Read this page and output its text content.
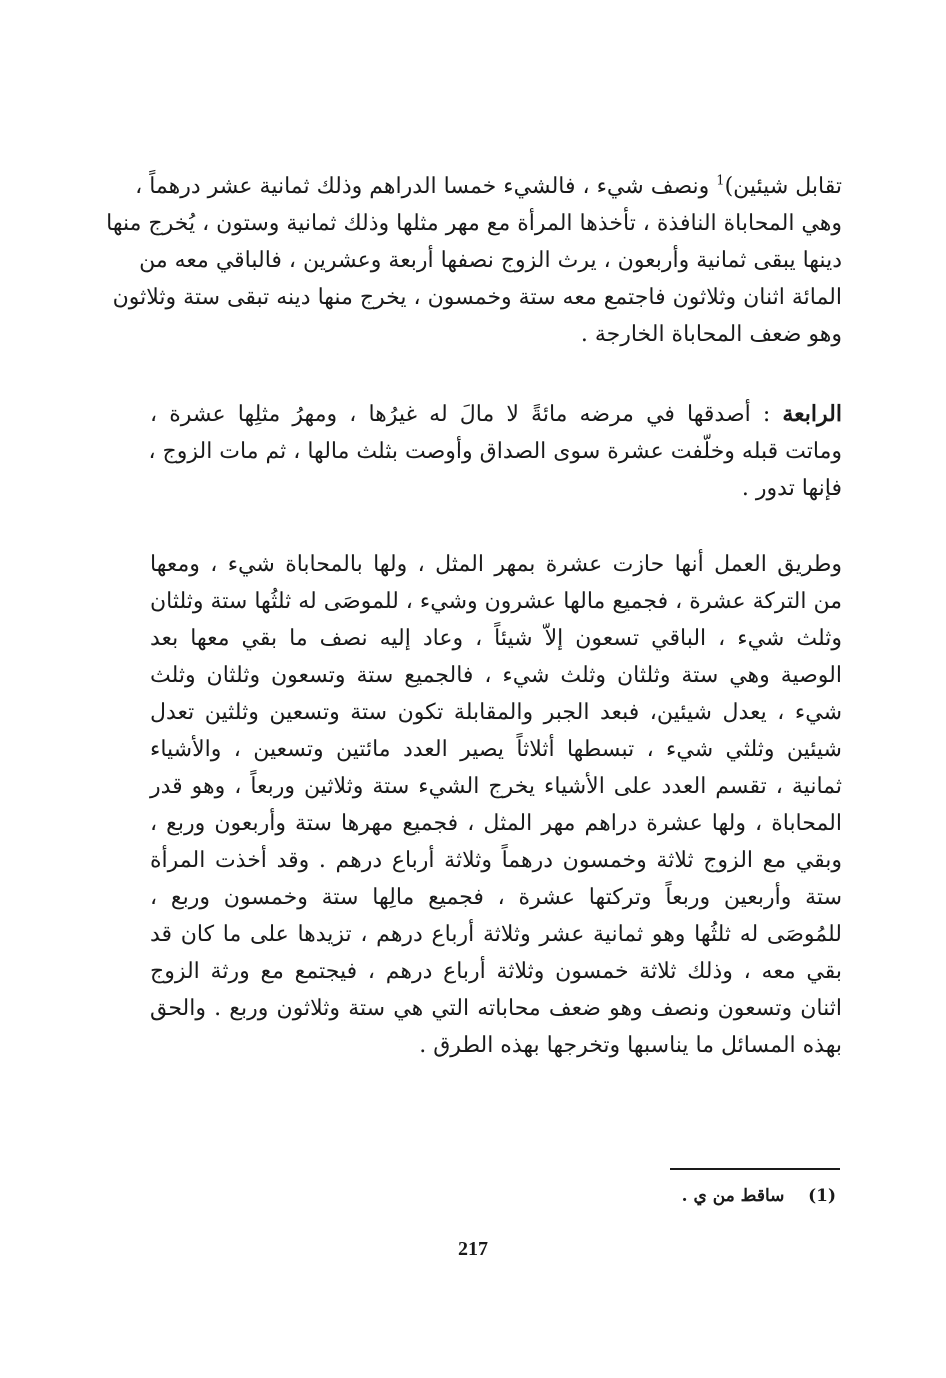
تقابل شيئين)$^1$ ونصف شيء ، فالشيء خمسا الدراهم وذلك ثمانية عشر درهماً ،
وهي المحاباة النافذة ، تأخذها المرأة مع مهر مثلها وذلك ثمانية وستون ، يُخرج منها
دينها يبقى ثمانية وأربعون ، يرث الزوج نصفها أربعة وعشرين ، فالباقي معه من
المائة اثنان وثلاثون فاجتمع معه ستة وخمسون ، يخرج منها دينه تبقى ستة وثلاثون
وهو ضعف المحاباة الخارجة .
الرابعة : أصدقها في مرضه مائةً لا مالَ له غيرُها ، ومهرُ مثلِها عشرة ،
وماتت قبله وخلّفت عشرة سوى الصداق وأوصت بثلث مالها ، ثم مات الزوج ،
فإنها تدور .
وطريق العمل أنها حازت عشرة بمهر المثل ، ولها بالمحاباة شيء ، ومعها
من التركة عشرة ، فجميع مالها عشرون وشيء ، للموصَى له ثلثُها ستة وثلثان
وثلث شيء ، الباقي تسعون إلاّ شيئاً ، وعاد إليه نصف ما بقي معها بعد
الوصية وهي ستة وثلثان وثلث شيء ، فالجميع ستة وتسعون وثلثان وثلث
شيء ، يعدل شيئين، فبعد الجبر والمقابلة تكون ستة وتسعين وثلثين تعدل
شيئين وثلثي شيء ، تبسطها أثلاثاً يصير العدد مائتين وتسعين ، والأشياء
ثمانية ، تقسم العدد على الأشياء يخرج الشيء ستة وثلاثين وربعاً ، وهو قدر
المحاباة ، ولها عشرة دراهم مهر المثل ، فجميع مهرها ستة وأربعون وربع ،
وبقي مع الزوج ثلاثة وخمسون درهماً وثلاثة أرباع درهم . وقد أخذت المرأة
ستة وأربعين وربعاً وتركتها عشرة ، فجميع مالِها ستة وخمسون وربع ،
للمُوصَى له ثلثُها وهو ثمانية عشر وثلاثة أرباع درهم ، تزيدها على ما كان قد
بقي معه ، وذلك ثلاثة خمسون وثلاثة أرباع درهم ، فيجتمع مع ورثة الزوج
اثنان وتسعون ونصف وهو ضعف محاباته التي هي ستة وثلاثون وربع . والحق
بهذه المسائل ما يناسبها وتخرجها بهذه الطرق .
(1)    ساقط من ي .
217
